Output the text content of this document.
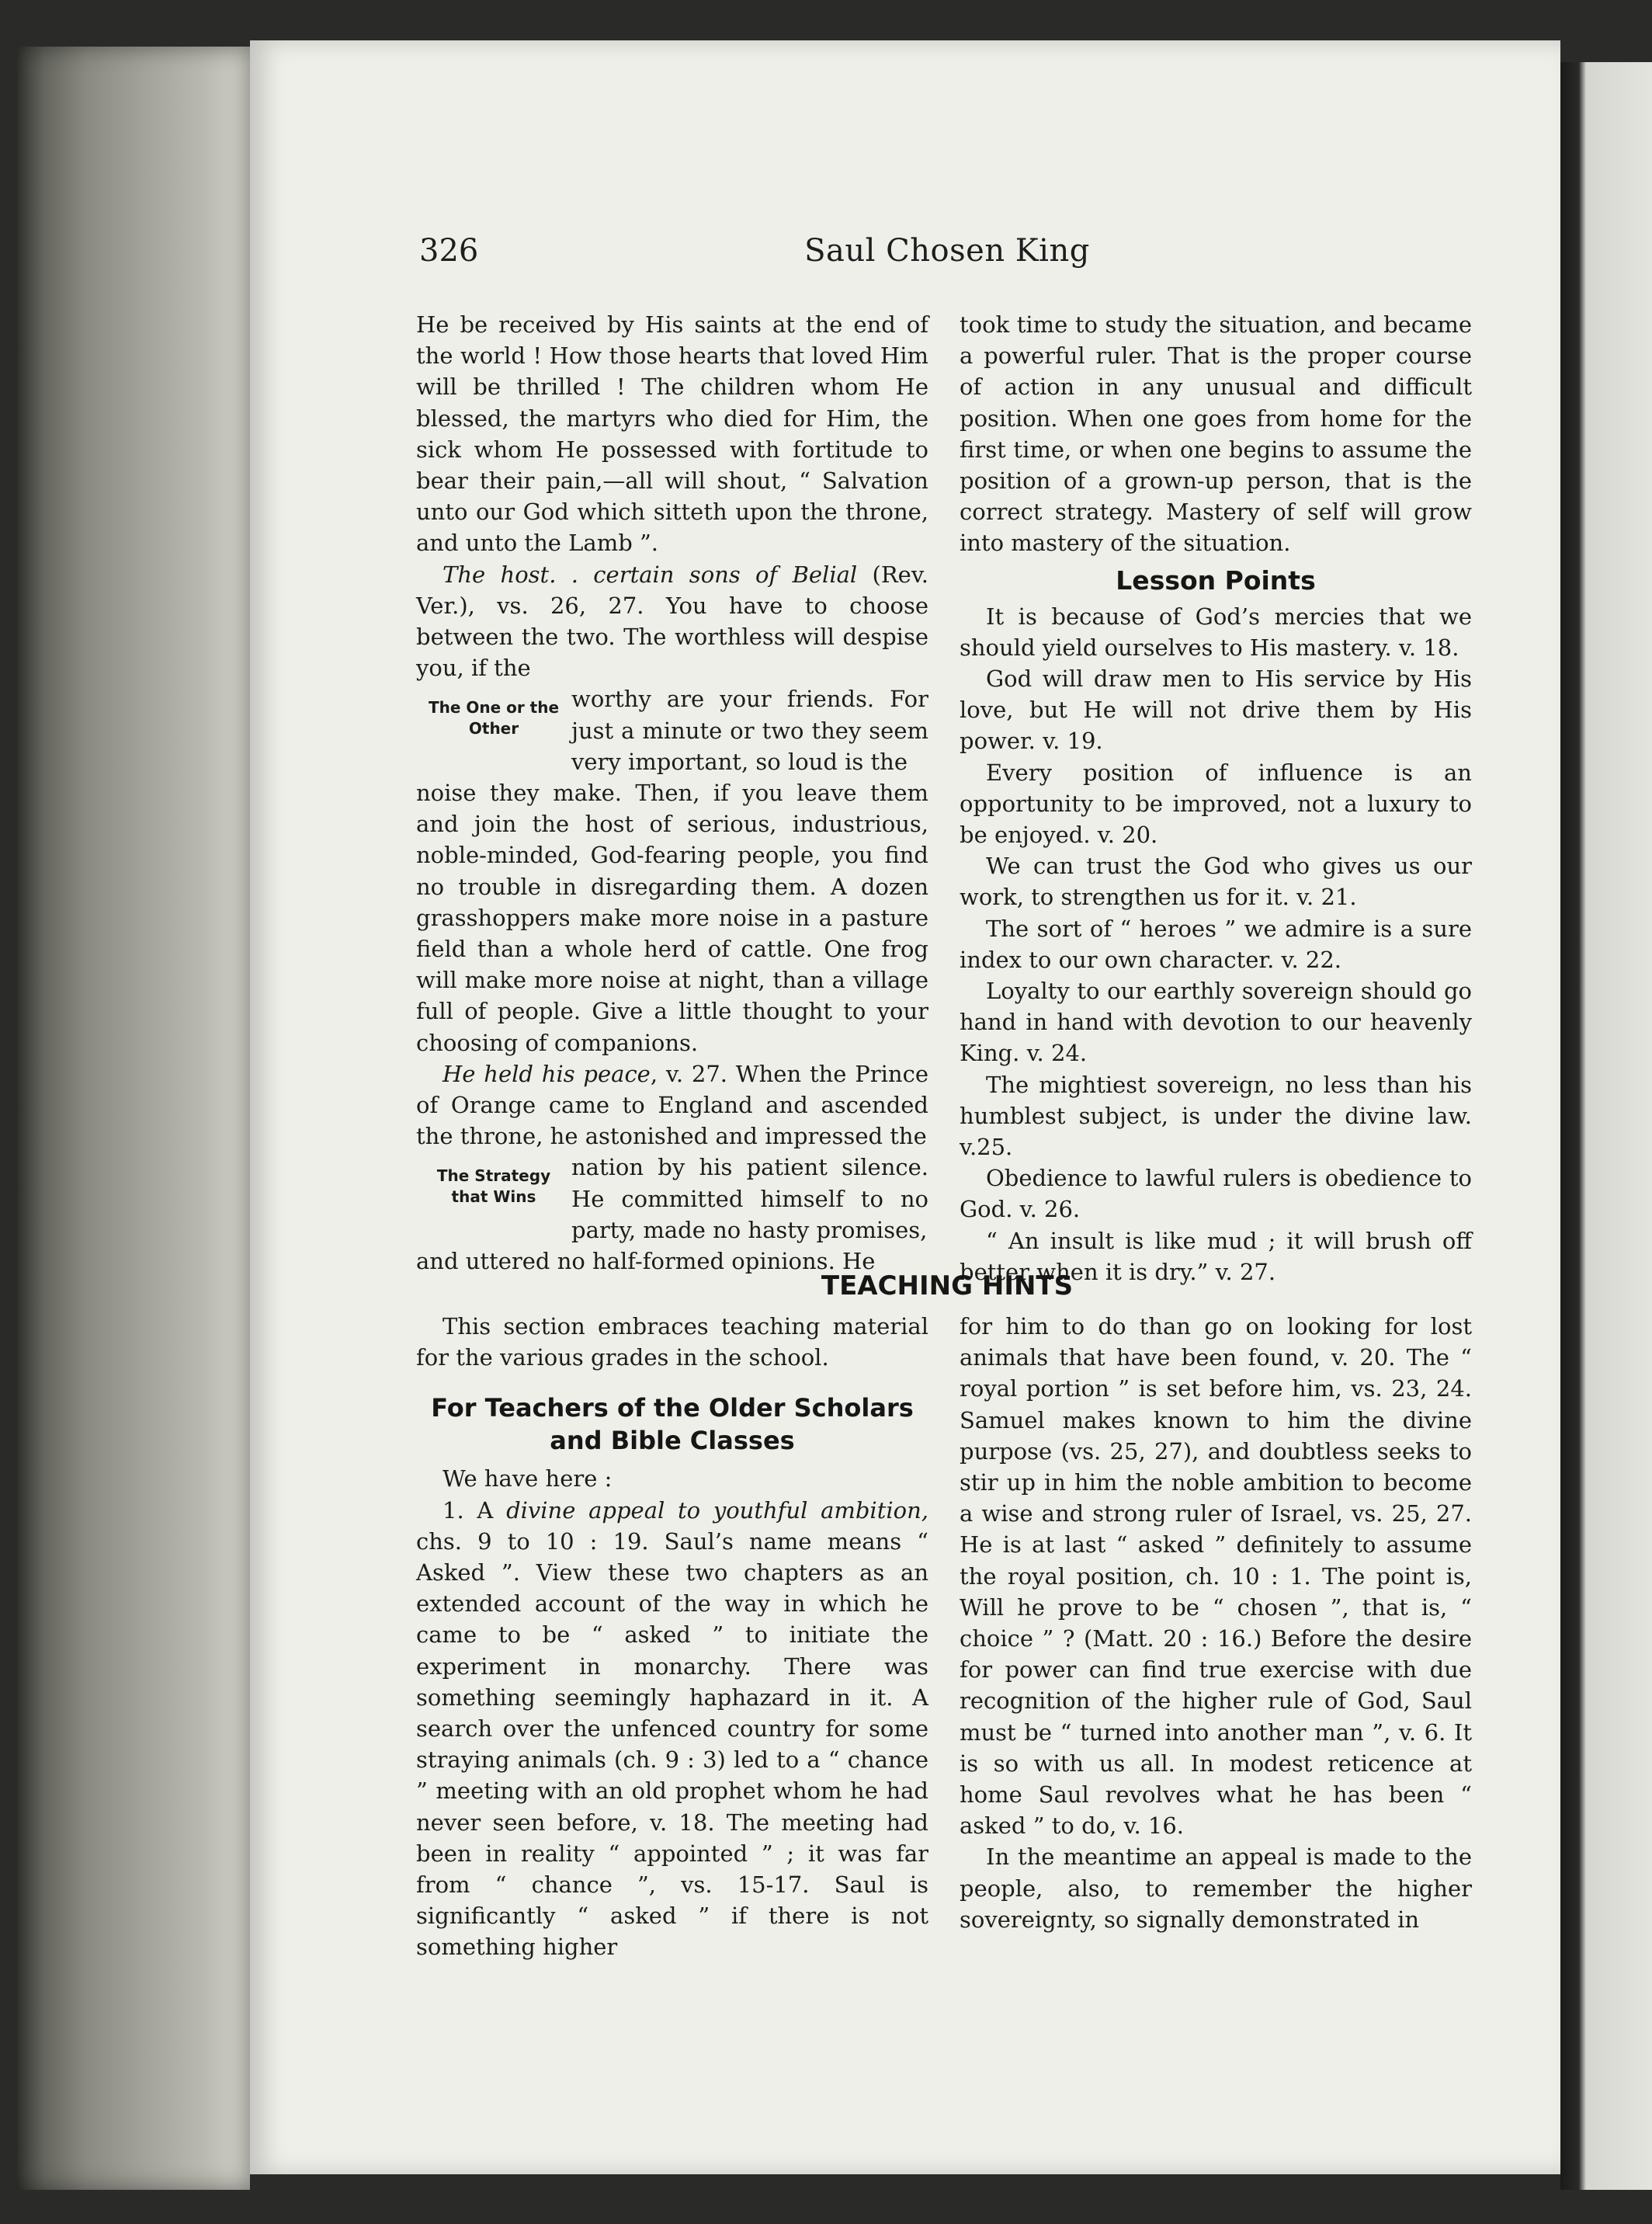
326	Saul Chosen King

He be received by His saints at the end of the world ! How those hearts that loved Him will be thrilled ! The children whom He blessed, the martyrs who died for Him, the sick whom He possessed with fortitude to bear their pain,—all will shout, “ Salvation unto our God which sitteth upon the throne, and unto the Lamb ”.

The host. . certain sons of Belial (Rev. Ver.), vs. 26, 27. You have to choose between the two. The worthless will despise you, if the

The One or the Other
worthy are your friends. For just a minute or two they seem very important, so loud is the

noise they make. Then, if you leave them and join the host of serious, industrious, noble-minded, God-fearing people, you find no trouble in disregarding them. A dozen grasshoppers make more noise in a pasture field than a whole herd of cattle. One frog will make more noise at night, than a village full of people. Give a little thought to your choosing of companions.

He held his peace, v. 27. When the Prince of Orange came to England and ascended the throne, he astonished and impressed the

The Strategy that Wins
nation by his patient silence. He committed himself to no party, made no hasty promises,

and uttered no half-formed opinions. He

took time to study the situation, and became a powerful ruler. That is the proper course of action in any unusual and difficult position. When one goes from home for the first time, or when one begins to assume the position of a grown-up person, that is the correct strategy. Mastery of self will grow into mastery of the situation.

Lesson Points

It is because of God’s mercies that we should yield ourselves to His mastery. v. 18.

God will draw men to His service by His love, but He will not drive them by His power. v. 19.

Every position of influence is an opportunity to be improved, not a luxury to be enjoyed. v. 20.

We can trust the God who gives us our work, to strengthen us for it. v. 21.

The sort of “ heroes ” we admire is a sure index to our own character. v. 22.

Loyalty to our earthly sovereign should go hand in hand with devotion to our heavenly King. v. 24.

The mightiest sovereign, no less than his humblest subject, is under the divine law. v.25.

Obedience to lawful rulers is obedience to God. v. 26.

“ An insult is like mud ; it will brush off better when it is dry.” v. 27.

TEACHING HINTS

This section embraces teaching material for the various grades in the school.

For Teachers of the Older Scholars and Bible Classes

We have here :

1. A divine appeal to youthful ambition, chs. 9 to 10 : 19. Saul’s name means “ Asked ”. View these two chapters as an extended account of the way in which he came to be “ asked ” to initiate the experiment in monarchy. There was something seemingly haphazard in it. A search over the unfenced country for some straying animals (ch. 9 : 3) led to a “ chance ” meeting with an old prophet whom he had never seen before, v. 18. The meeting had been in reality “ appointed ” ; it was far from “ chance ”, vs. 15-17. Saul is significantly “ asked ” if there is not something higher

for him to do than go on looking for lost animals that have been found, v. 20. The “ royal portion ” is set before him, vs. 23, 24. Samuel makes known to him the divine purpose (vs. 25, 27), and doubtless seeks to stir up in him the noble ambition to become a wise and strong ruler of Israel, vs. 25, 27. He is at last “ asked ” definitely to assume the royal position, ch. 10 : 1. The point is, Will he prove to be “ chosen ”, that is, “ choice ” ? (Matt. 20 : 16.) Before the desire for power can find true exercise with due recognition of the higher rule of God, Saul must be “ turned into another man ”, v. 6. It is so with us all. In modest reticence at home Saul revolves what he has been “ asked ” to do, v. 16.

In the meantime an appeal is made to the people, also, to remember the higher sovereignty, so signally demonstrated in
